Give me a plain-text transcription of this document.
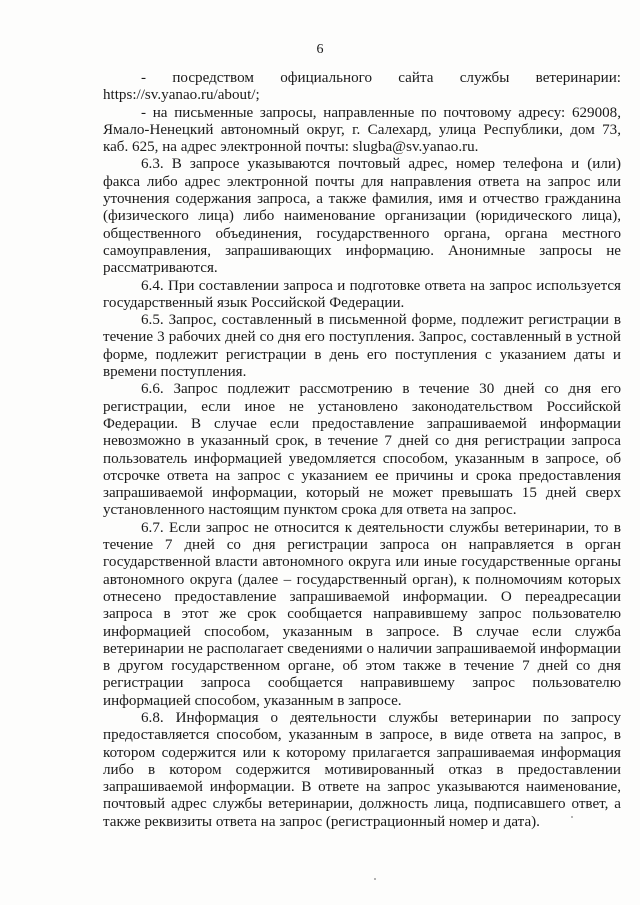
6

- посредством официального сайта службы ветеринарии: https://sv.yanao.ru/about/;

- на письменные запросы, направленные по почтовому адресу: 629008, Ямало-Ненецкий автономный округ, г. Салехард, улица Республики, дом 73, каб. 625, на адрес электронной почты: slugba@sv.yanao.ru.

6.3. В запросе указываются почтовый адрес, номер телефона и (или) факса либо адрес электронной почты для направления ответа на запрос или уточнения содержания запроса, а также фамилия, имя и отчество гражданина (физического лица) либо наименование организации (юридического лица), общественного объединения, государственного органа, органа местного самоуправления, запрашивающих информацию. Анонимные запросы не рассматриваются.

6.4. При составлении запроса и подготовке ответа на запрос используется государственный язык Российской Федерации.

6.5. Запрос, составленный в письменной форме, подлежит регистрации в течение 3 рабочих дней со дня его поступления. Запрос, составленный в устной форме, подлежит регистрации в день его поступления с указанием даты и времени поступления.

6.6. Запрос подлежит рассмотрению в течение 30 дней со дня его регистрации, если иное не установлено законодательством Российской Федерации. В случае если предоставление запрашиваемой информации невозможно в указанный срок, в течение 7 дней со дня регистрации запроса пользователь информацией уведомляется способом, указанным в запросе, об отсрочке ответа на запрос с указанием ее причины и срока предоставления запрашиваемой информации, который не может превышать 15 дней сверх установленного настоящим пунктом срока для ответа на запрос.

6.7. Если запрос не относится к деятельности службы ветеринарии, то в течение 7 дней со дня регистрации запроса он направляется в орган государственной власти автономного округа или иные государственные органы автономного округа (далее – государственный орган), к полномочиям которых отнесено предоставление запрашиваемой информации. О переадресации запроса в этот же срок сообщается направившему запрос пользователю информацией способом, указанным в запросе. В случае если служба ветеринарии не располагает сведениями о наличии запрашиваемой информации в другом государственном органе, об этом также в течение 7 дней со дня регистрации запроса сообщается направившему запрос пользователю информацией способом, указанным в запросе.

6.8. Информация о деятельности службы ветеринарии по запросу предоставляется способом, указанным в запросе, в виде ответа на запрос, в котором содержится или к которому прилагается запрашиваемая информация либо в котором содержится мотивированный отказ в предоставлении запрашиваемой информации. В ответе на запрос указываются наименование, почтовый адрес службы ветеринарии, должность лица, подписавшего ответ, а также реквизиты ответа на запрос (регистрационный номер и дата).
